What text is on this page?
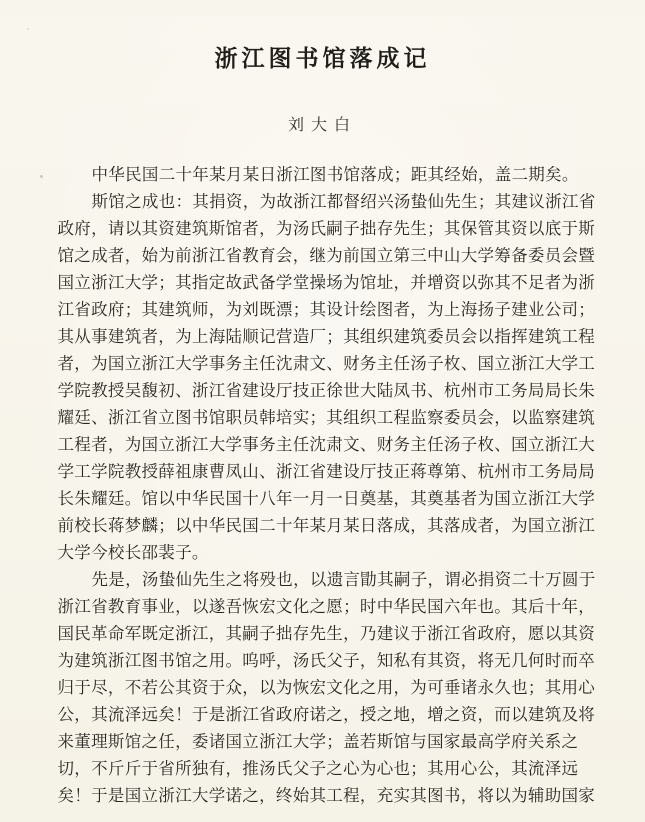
浙江图书馆落成记
刘大白
中华民国二十年某月某日浙江图书馆落成；距其经始，盖二期矣。
斯馆之成也：其捐资，为故浙江都督绍兴汤蛰仙先生；其建议浙江省
政府，请以其资建筑斯馆者，为汤氏嗣子拙存先生；其保管其资以底于斯
馆之成者，始为前浙江省教育会，继为前国立第三中山大学筹备委员会暨
国立浙江大学；其指定故武备学堂操场为馆址，并增资以弥其不足者为浙
江省政府；其建筑师，为刘既漂；其设计绘图者，为上海扬子建业公司；
其从事建筑者，为上海陆顺记营造厂；其组织建筑委员会以指挥建筑工程
者，为国立浙江大学事务主任沈肃文、财务主任汤子枚、国立浙江大学工
学院教授吴馥初、浙江省建设厅技正徐世大陆凤书、杭州市工务局局长朱
耀廷、浙江省立图书馆职员韩培实；其组织工程监察委员会，以监察建筑
工程者，为国立浙江大学事务主任沈肃文、财务主任汤子枚、国立浙江大
学工学院教授薛祖康曹凤山、浙江省建设厅技正蒋尊第、杭州市工务局局
长朱耀廷。馆以中华民国十八年一月一日奠基，其奠基者为国立浙江大学
前校长蒋梦麟；以中华民国二十年某月某日落成，其落成者，为国立浙江
大学今校长邵裴子。
先是，汤蛰仙先生之将殁也，以遗言勖其嗣子，谓必捐资二十万圆于
浙江省教育事业，以遂吾恢宏文化之愿；时中华民国六年也。其后十年，
国民革命军既定浙江，其嗣子拙存先生，乃建议于浙江省政府，愿以其资
为建筑浙江图书馆之用。呜呼，汤氏父子，知私有其资，将无几何时而卒
归于尽，不若公其资于众，以为恢宏文化之用，为可垂诸永久也；其用心
公，其流泽远矣！于是浙江省政府诺之，授之地，增之资，而以建筑及将
来董理斯馆之任，委诸国立浙江大学；盖若斯馆与国家最高学府关系之
切，不斤斤于省所独有，推汤氏父子之心为心也；其用心公，其流泽远
矣！于是国立浙江大学诺之，终始其工程，充实其图书，将以为辅助国家
